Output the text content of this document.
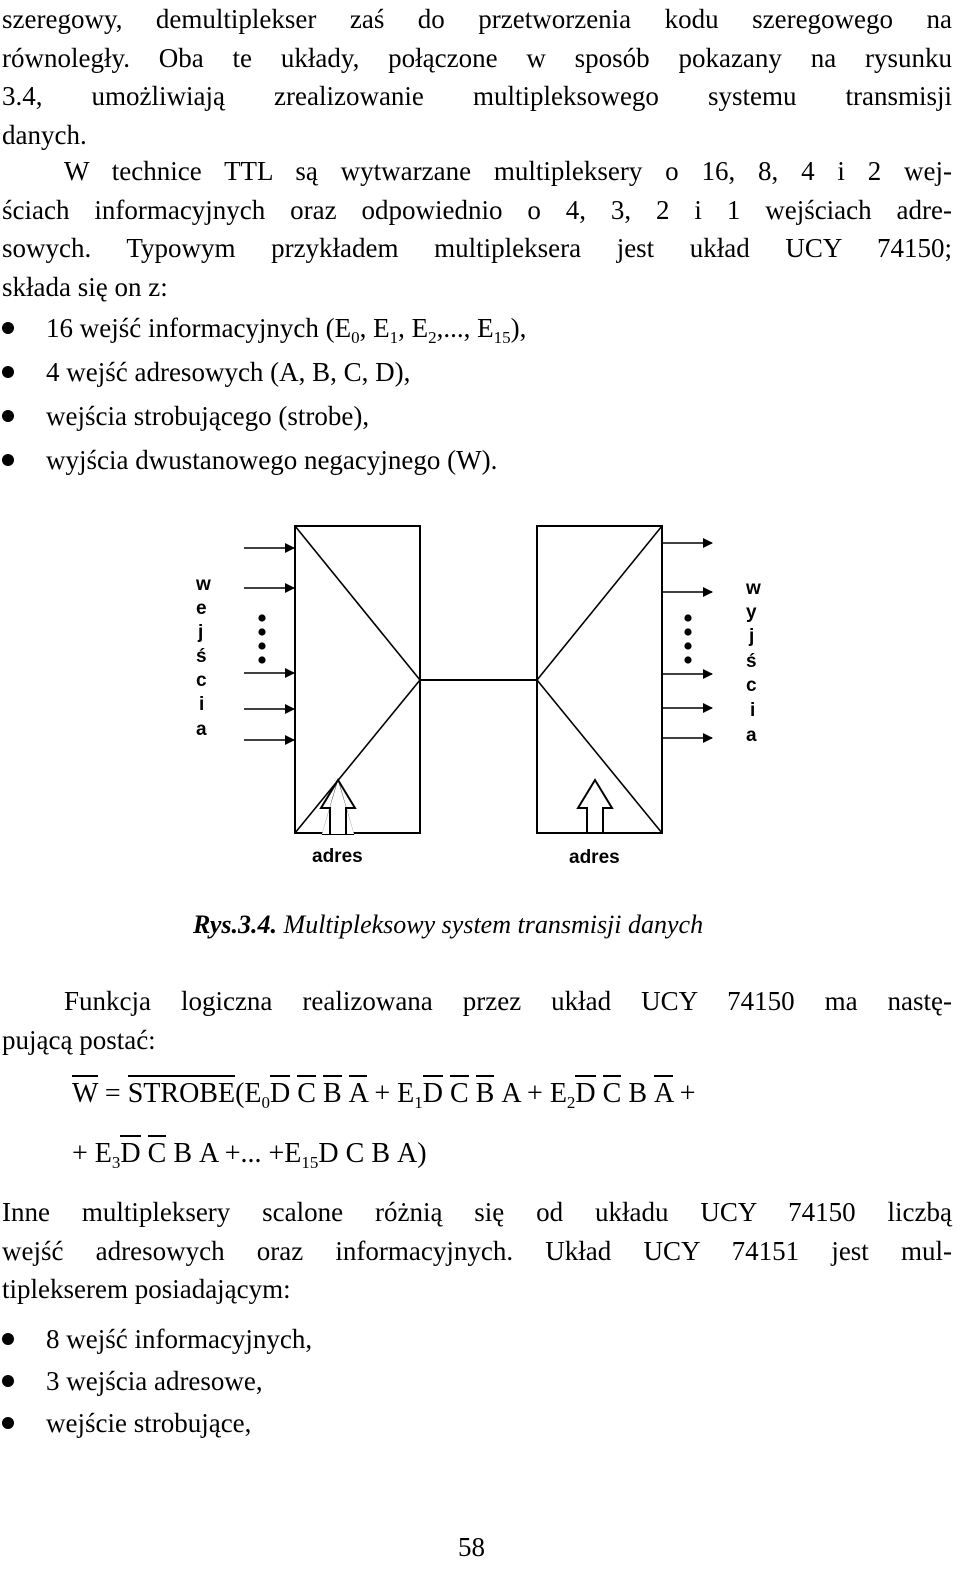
szeregowy, demultiplekser zaś do przetworzenia kodu szeregowego na
równoległy. Oba te układy, połączone w sposób pokazany na rysunku
3.4, umożliwiają zrealizowanie multipleksowego systemu transmisji
danych.
W technice TTL są wytwarzane multipleksery o 16, 8, 4 i 2 wej-
ściach informacyjnych oraz odpowiednio o 4, 3, 2 i 1 wejściach adre-
sowych. Typowym przykładem multipleksera jest układ UCY 74150;
składa się on z:
16 wejść informacyjnych ($E_0$, $E_1$, $E_2$,..., $E_{15}$),
4 wejść adresowych (A, B, C, D),
wejścia strobującego (strobe),
wyjścia dwustanowego negacyjnego (W).
w
e
j
ś
c
i
a
w
y
j
ś
c
i
a
adres	adres
Rys.3.4. Multipleksowy system transmisji danych
Funkcja logiczna realizowana przez układ UCY 74150 ma nastę-
pującą postać:
$W = STROBE(E_0D$ C B $A + E_1D$ C B $A + E_2D$ C B A +
+ $E_3D$ C B A +... $+E_{15}D$ C B A)
Inne multipleksery scalone różnią się od układu UCY 74150 liczbą
wejść adresowych oraz informacyjnych. Układ UCY 74151 jest mul-
tiplekserem posiadającym:
8 wejść informacyjnych,
3 wejścia adresowe,
wejście strobujące,
58
